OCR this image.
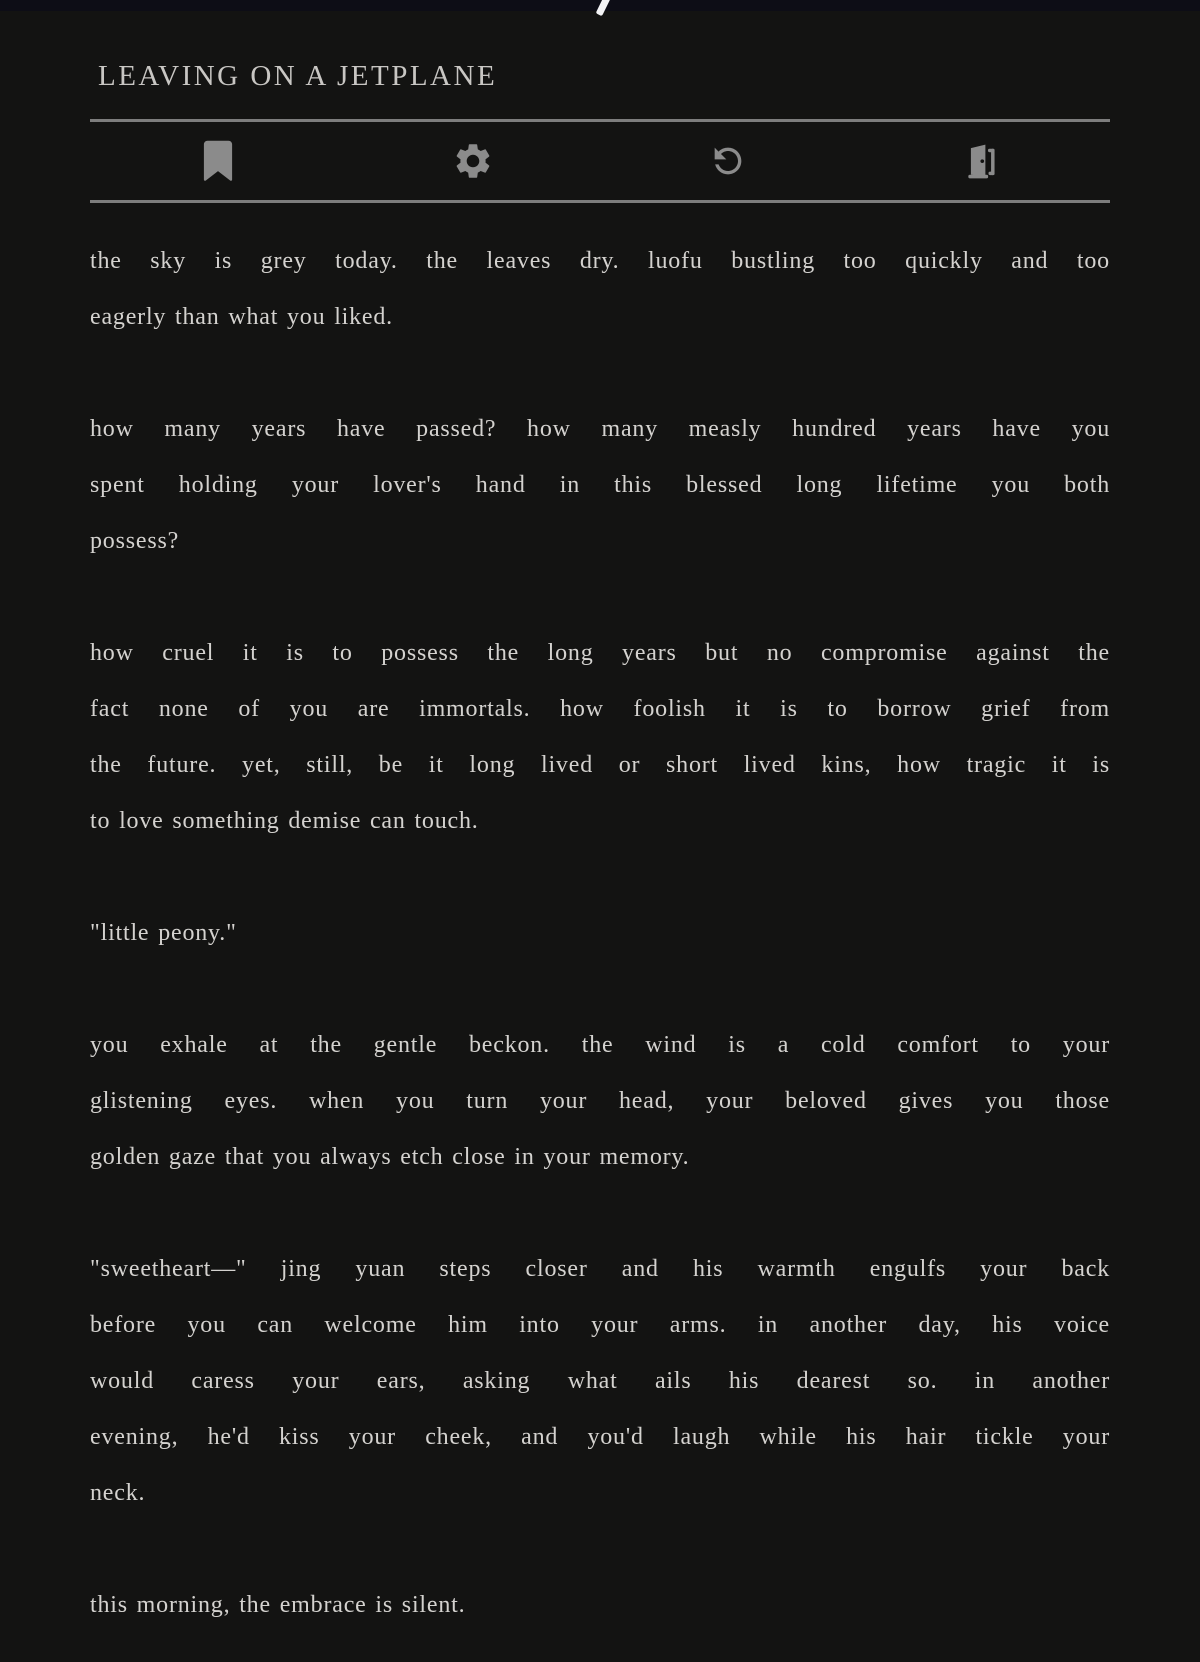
LEAVING ON A JETPLANE

the sky is grey today. the leaves dry. luofu bustling too quickly and too
eagerly than what you liked.

how many years have passed? how many measly hundred years have you
spent holding your lover's hand in this blessed long lifetime you both
possess?

how cruel it is to possess the long years but no compromise against the
fact none of you are immortals. how foolish it is to borrow grief from
the future. yet, still, be it long lived or short lived kins, how tragic it is
to love something demise can touch.

"little peony."

you exhale at the gentle beckon. the wind is a cold comfort to your
glistening eyes. when you turn your head, your beloved gives you those
golden gaze that you always etch close in your memory.

"sweetheart—" jing yuan steps closer and his warmth engulfs your back
before you can welcome him into your arms. in another day, his voice
would caress your ears, asking what ails his dearest so. in another
evening, he'd kiss your cheek, and you'd laugh while his hair tickle your
neck.

this morning, the embrace is silent.
